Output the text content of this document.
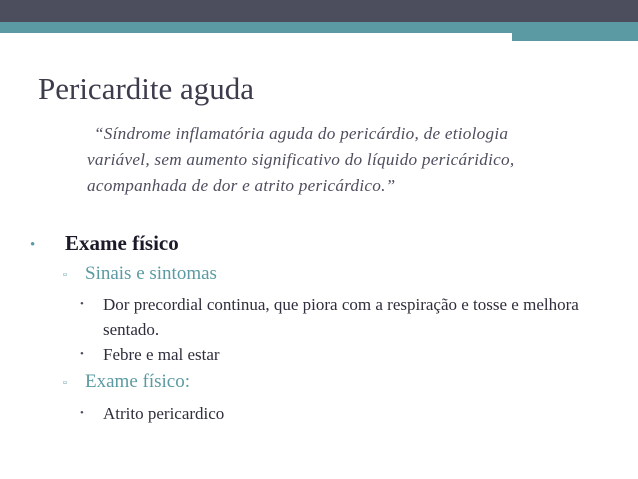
Pericardite aguda
“Síndrome inflamatória aguda do pericárdio, de etiologia
variável, sem aumento significativo do líquido pericáridico,
acompanhada de dor e atrito pericárdico.”
• Exame físico
▫ Sinais e sintomas
• Dor precordial continua, que piora com a respiração e tosse e melhora sentado.
• Febre e mal estar
▫ Exame físico:
• Atrito pericardico
